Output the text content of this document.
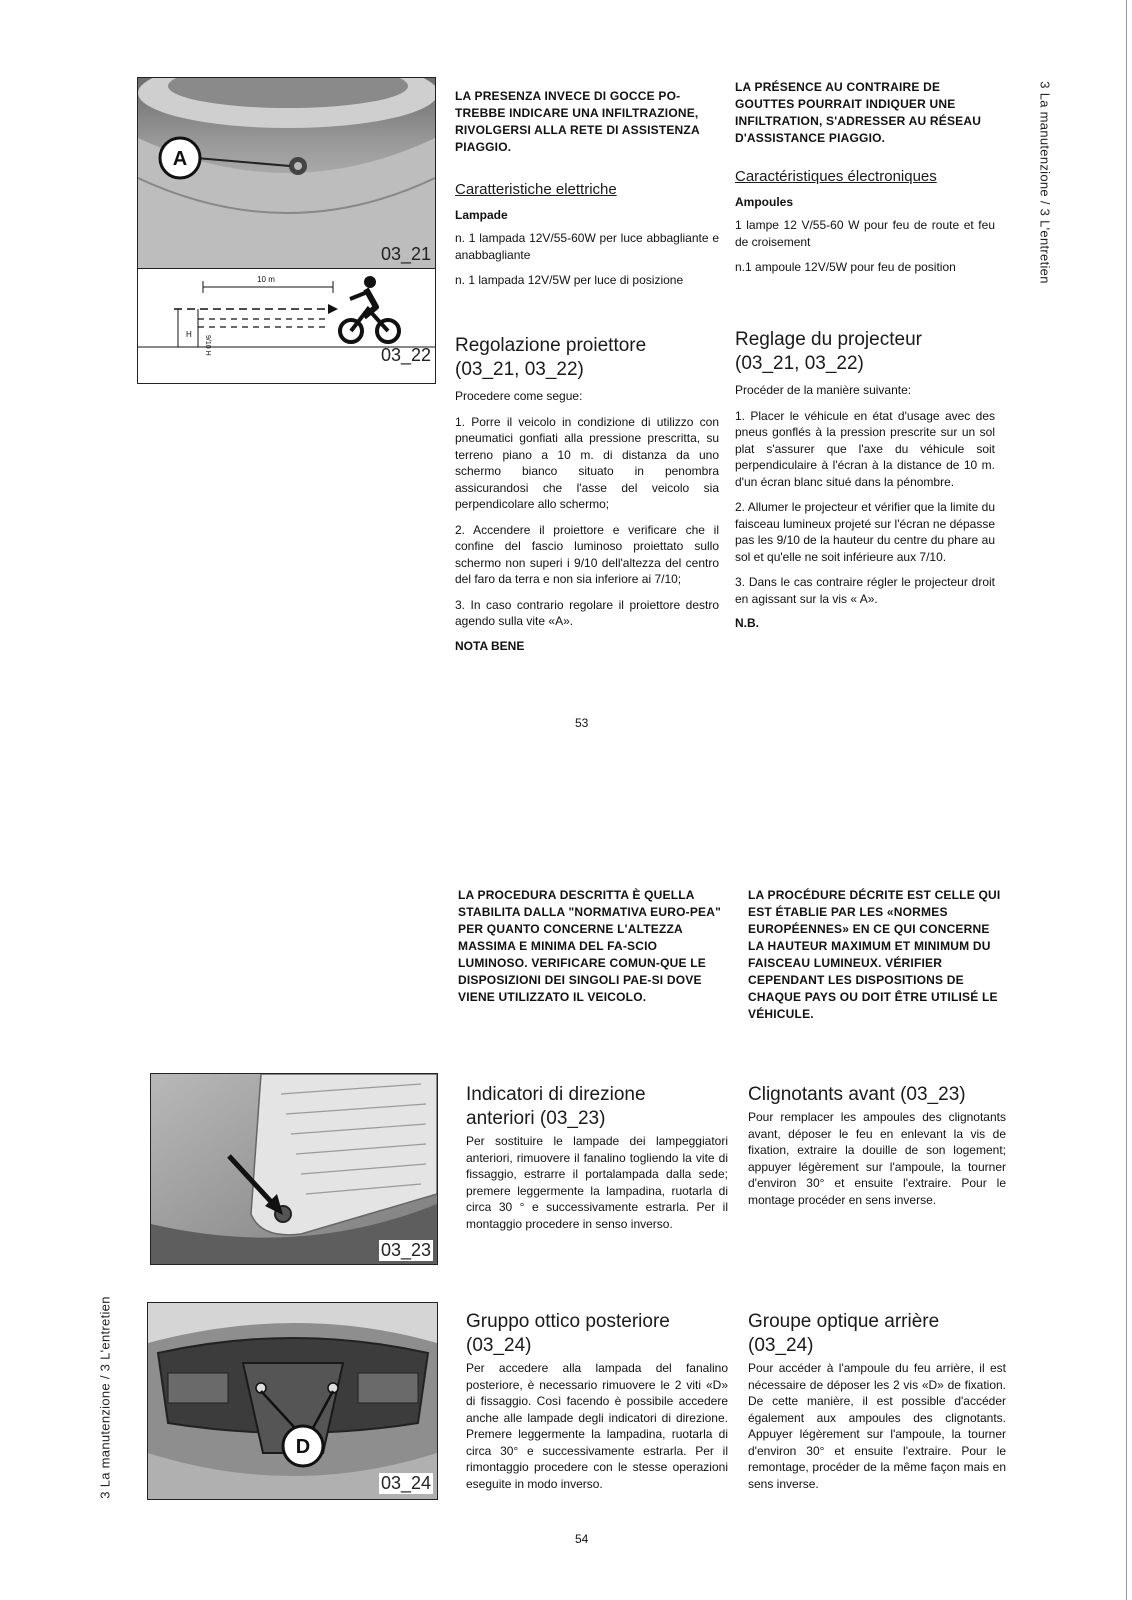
3 La manutenzione / 3 L'entretien
3 La manutenzione / 3 L'entretien
A
03_21
10 m
H
9/10 H	03_22
LA PRESENZA INVECE DI GOCCE PO-TREBBE INDICARE UNA INFILTRAZIONE, RIVOLGERSI ALLA RETE DI ASSISTENZA PIAGGIO.
LA PRÉSENCE AU CONTRAIRE DE GOUTTES POURRAIT INDIQUER UNE INFILTRATION, S'ADRESSER AU RÉSEAU D'ASSISTANCE PIAGGIO.
Caratteristiche elettriche
Lampade
n. 1 lampada 12V/55-60W per luce abbagliante e anabbagliante
n. 1 lampada 12V/5W per luce di posizione
Caractéristiques électroniques
Ampoules
1 lampe 12 V/55-60 W pour feu de route et feu de croisement
n.1 ampoule 12V/5W pour feu de position
Regolazione proiettore
(03_21, 03_22)
Procedere come segue:
1. Porre il veicolo in condizione di utilizzo con pneumatici gonfiati alla pressione prescritta, su terreno piano a 10 m. di distanza da uno schermo bianco situato in penombra assicurandosi che l'asse del veicolo sia perpendicolare allo schermo;
2. Accendere il proiettore e verificare che il confine del fascio luminoso proiettato sullo schermo non superi i 9/10 dell'altezza del centro del faro da terra e non sia inferiore ai 7/10;
3. In caso contrario regolare il proiettore destro agendo sulla vite «A».
NOTA BENE
Reglage du projecteur
(03_21, 03_22)
Procéder de la manière suivante:
1. Placer le véhicule en état d'usage avec des pneus gonflés à la pression prescrite sur un sol plat s'assurer que l'axe du véhicule soit perpendiculaire à l'écran à la distance de 10 m. d'un écran blanc situé dans la pénombre.
2. Allumer le projecteur et vérifier que la limite du faisceau lumineux projeté sur l'écran ne dépasse pas les 9/10 de la hauteur du centre du phare au sol et qu'elle ne soit inférieure aux 7/10.
3. Dans le cas contraire régler le projecteur droit en agissant sur la vis « A».
N.B.
53
LA PROCEDURA DESCRITTA È QUELLA STABILITA DALLA "NORMATIVA EURO-PEA" PER QUANTO CONCERNE L'ALTEZZA MASSIMA E MINIMA DEL FA-SCIO LUMINOSO. VERIFICARE COMUN-QUE LE DISPOSIZIONI DEI SINGOLI PAE-SI DOVE VIENE UTILIZZATO IL VEICOLO.
LA PROCÉDURE DÉCRITE EST CELLE QUI EST ÉTABLIE PAR LES «NORMES EUROPÉENNES» EN CE QUI CONCERNE LA HAUTEUR MAXIMUM ET MINIMUM DU FAISCEAU LUMINEUX. VÉRIFIER CEPENDANT LES DISPOSITIONS DE CHAQUE PAYS OU DOIT ÊTRE UTILISÉ LE VÉHICULE.
03_23
Indicatori di direzione
anteriori (03_23)
Per sostituire le lampade dei lampeggiatori anteriori, rimuovere il fanalino togliendo la vite di fissaggio, estrarre il portalampada dalla sede; premere leggermente la lampadina, ruotarla di circa 30 ° e successivamente estrarla. Per il montaggio procedere in senso inverso.
Clignotants avant (03_23)
Pour remplacer les ampoules des clignotants avant, déposer le feu en enlevant la vis de fixation, extraire la douille de son logement; appuyer légèrement sur l'ampoule, la tourner d'environ 30° et ensuite l'extraire. Pour le montage procéder en sens inverse.
D
03_24
Gruppo ottico posteriore
(03_24)
Per accedere alla lampada del fanalino posteriore, è necessario rimuovere le 2 viti «D» di fissaggio. Così facendo è possibile accedere anche alle lampade degli indicatori di direzione. Premere leggermente la lampadina, ruotarla di circa 30° e successivamente estrarla. Per il rimontaggio procedere con le stesse operazioni eseguite in modo inverso.
Groupe optique arrière
(03_24)
Pour accéder à l'ampoule du feu arrière, il est nécessaire de déposer les 2 vis «D» de fixation. De cette manière, il est possible d'accéder également aux ampoules des clignotants. Appuyer légèrement sur l'ampoule, la tourner d'environ 30° et ensuite l'extraire. Pour le remontage, procéder de la même façon mais en sens inverse.
54
